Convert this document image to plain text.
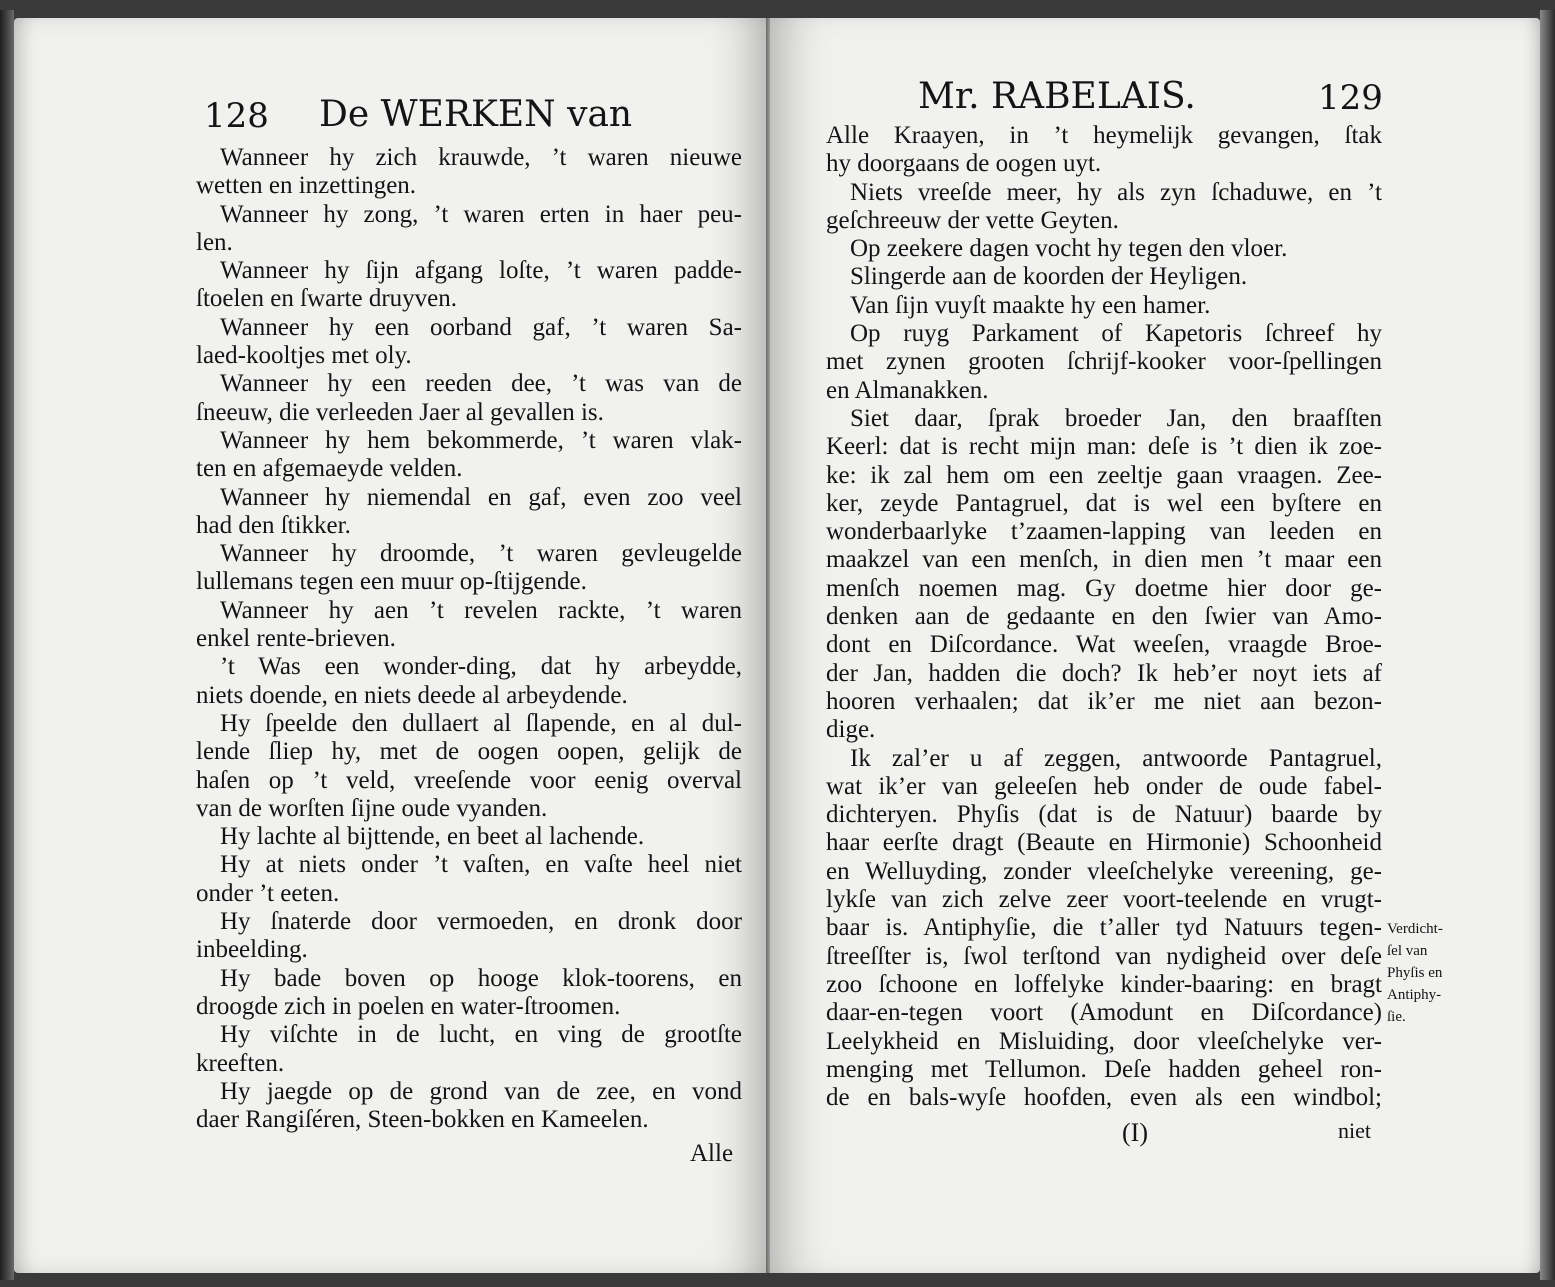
128 De WERKEN van
Wanneer hy zich krauwde, ’t waren nieuwe
wetten en inzettingen.
Wanneer hy zong, ’t waren erten in haer peu-
len.
Wanneer hy ſijn afgang loſte, ’t waren padde-
ſtoelen en ſwarte druyven.
Wanneer hy een oorband gaf, ’t waren Sa-
laed-kooltjes met oly.
Wanneer hy een reeden dee, ’t was van de
ſneeuw, die verleeden Jaer al gevallen is.
Wanneer hy hem bekommerde, ’t waren vlak-
ten en afgemaeyde velden.
Wanneer hy niemendal en gaf, even zoo veel
had den ſtikker.
Wanneer hy droomde, ’t waren gevleugelde
lullemans tegen een muur op-ſtijgende.
Wanneer hy aen ’t revelen rackte, ’t waren
enkel rente-brieven.
’t Was een wonder-ding, dat hy arbeydde,
niets doende, en niets deede al arbeydende.
Hy ſpeelde den dullaert al ſlapende, en al dul-
lende ſliep hy, met de oogen oopen, gelijk de
haſen op ’t veld, vreeſende voor eenig overval
van de worſten ſijne oude vyanden.
Hy lachte al bijttende, en beet al lachende.
Hy at niets onder ’t vaſten, en vaſte heel niet
onder ’t eeten.
Hy ſnaterde door vermoeden, en dronk door
inbeelding.
Hy bade boven op hooge klok-toorens, en
droogde zich in poelen en water-ſtroomen.
Hy viſchte in de lucht, en ving de grootſte
kreeften.
Hy jaegde op de grond van de zee, en vond
daer Rangiſéren, Steen-bokken en Kameelen.
Alle
Mr. RABELAIS.	129
Alle Kraayen, in ’t heymelijk gevangen, ſtak
hy doorgaans de oogen uyt.
Niets vreeſde meer, hy als zyn ſchaduwe, en ’t
geſchreeuw der vette Geyten.
Op zeekere dagen vocht hy tegen den vloer.
Slingerde aan de koorden der Heyligen.
Van ſijn vuyſt maakte hy een hamer.
Op ruyg Parkament of Kapetoris ſchreef hy
met zynen grooten ſchrijf-kooker voor-ſpellingen
en Almanakken.
Siet daar, ſprak broeder Jan, den braafſten
Keerl: dat is recht mijn man: deſe is ’t dien ik zoe-
ke: ik zal hem om een zeeltje gaan vraagen. Zee-
ker, zeyde Pantagruel, dat is wel een byſtere en
wonderbaarlyke t’zaamen-lapping van leeden en
maakzel van een menſch, in dien men ’t maar een
menſch noemen mag. Gy doetme hier door ge-
denken aan de gedaante en den ſwier van Amo-
dont en Diſcordance. Wat weeſen, vraagde Broe-
der Jan, hadden die doch? Ik heb’er noyt iets af
hooren verhaalen; dat ik’er me niet aan bezon-
dige.
Ik zal’er u af zeggen, antwoorde Pantagruel,
wat ik’er van geleeſen heb onder de oude fabel-
dichteryen. Phyſis (dat is de Natuur) baarde by
haar eerſte dragt (Beaute en Hirmonie) Schoonheid
en Welluyding, zonder vleeſchelyke vereening, ge-
lykſe van zich zelve zeer voort-teelende en vrugt-
baar is. Antiphyſie, die t’aller tyd Natuurs tegen-
ſtreeſſter is, ſwol terſtond van nydigheid over deſe
zoo ſchoone en loffelyke kinder-baaring: en bragt
daar-en-tegen voort (Amodunt en Diſcordance)
Leelykheid en Misluiding, door vleeſchelyke ver-
menging met Tellumon. Deſe hadden geheel ron-
de en bals-wyſe hoofden, even als een windbol;
Verdicht-
ſel van
Phyſis en
Antiphy-
ſie.
(I)	niet
